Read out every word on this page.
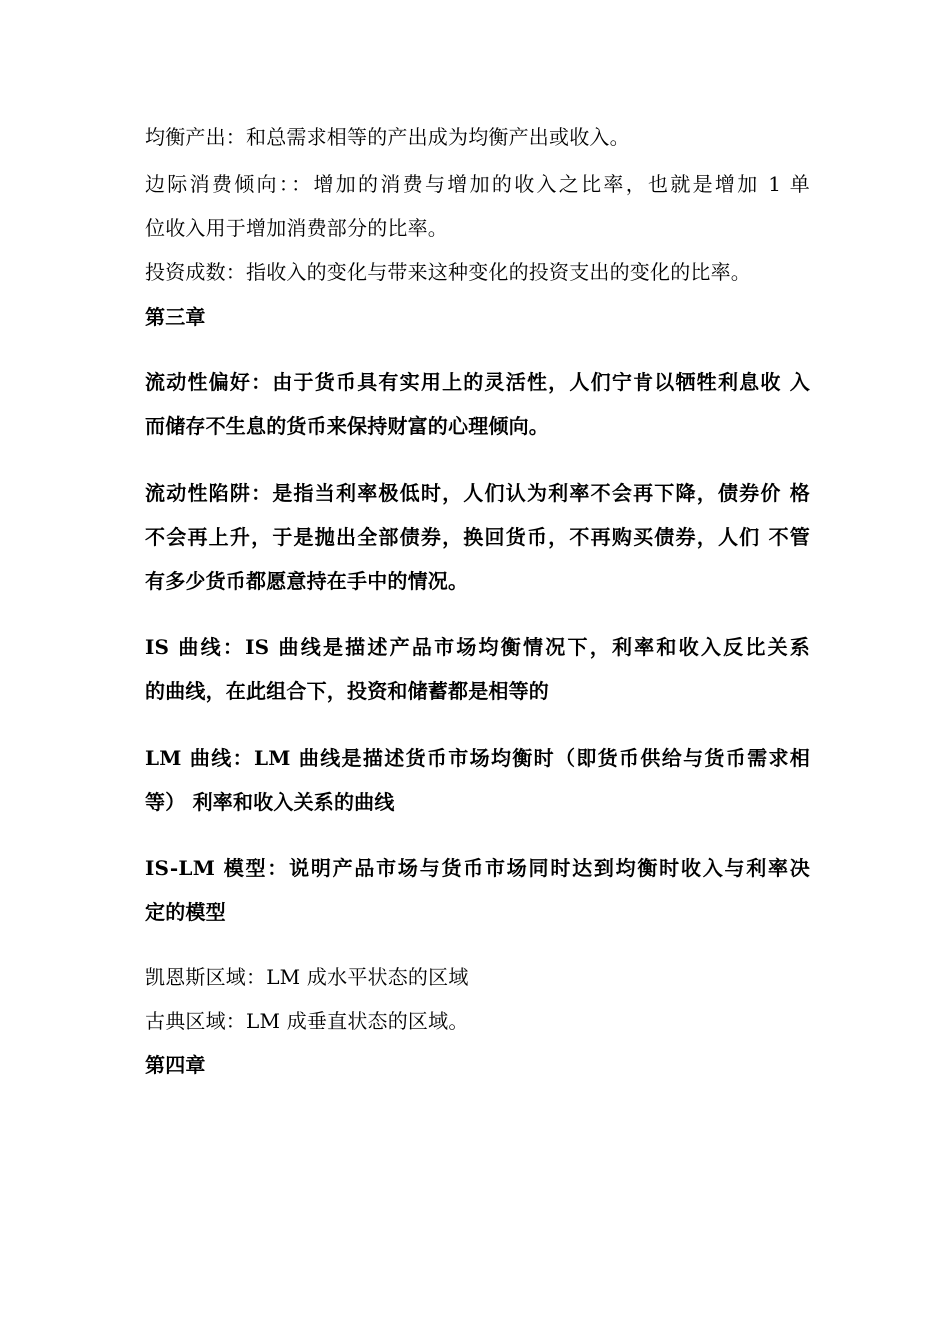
均衡产出：和总需求相等的产出成为均衡产出或收入。
边际消费倾向：：增加的消费与增加的收入之比率，也就是增加 1 单
位收入用于增加消费部分的比率。
投资成数：指收入的变化与带来这种变化的投资支出的变化的比率。
第三章
流动性偏好：由于货币具有实用上的灵活性，人们宁肯以牺牲利息收 入
而储存不生息的货币来保持财富的心理倾向。
流动性陷阱：是指当利率极低时，人们认为利率不会再下降，债券价 格
不会再上升，于是抛出全部债券，换回货币，不再购买债券，人们 不管
有多少货币都愿意持在手中的情况。
IS 曲线：IS 曲线是描述产品市场均衡情况下，利率和收入反比关系
的曲线，在此组合下，投资和储蓄都是相等的
LM 曲线：LM 曲线是描述货币市场均衡时（即货币供给与货币需求相
等） 利率和收入关系的曲线
IS-LM 模型：说明产品市场与货币市场同时达到均衡时收入与利率决
定的模型
凯恩斯区域：LM 成水平状态的区域
古典区域：LM 成垂直状态的区域。
第四章
